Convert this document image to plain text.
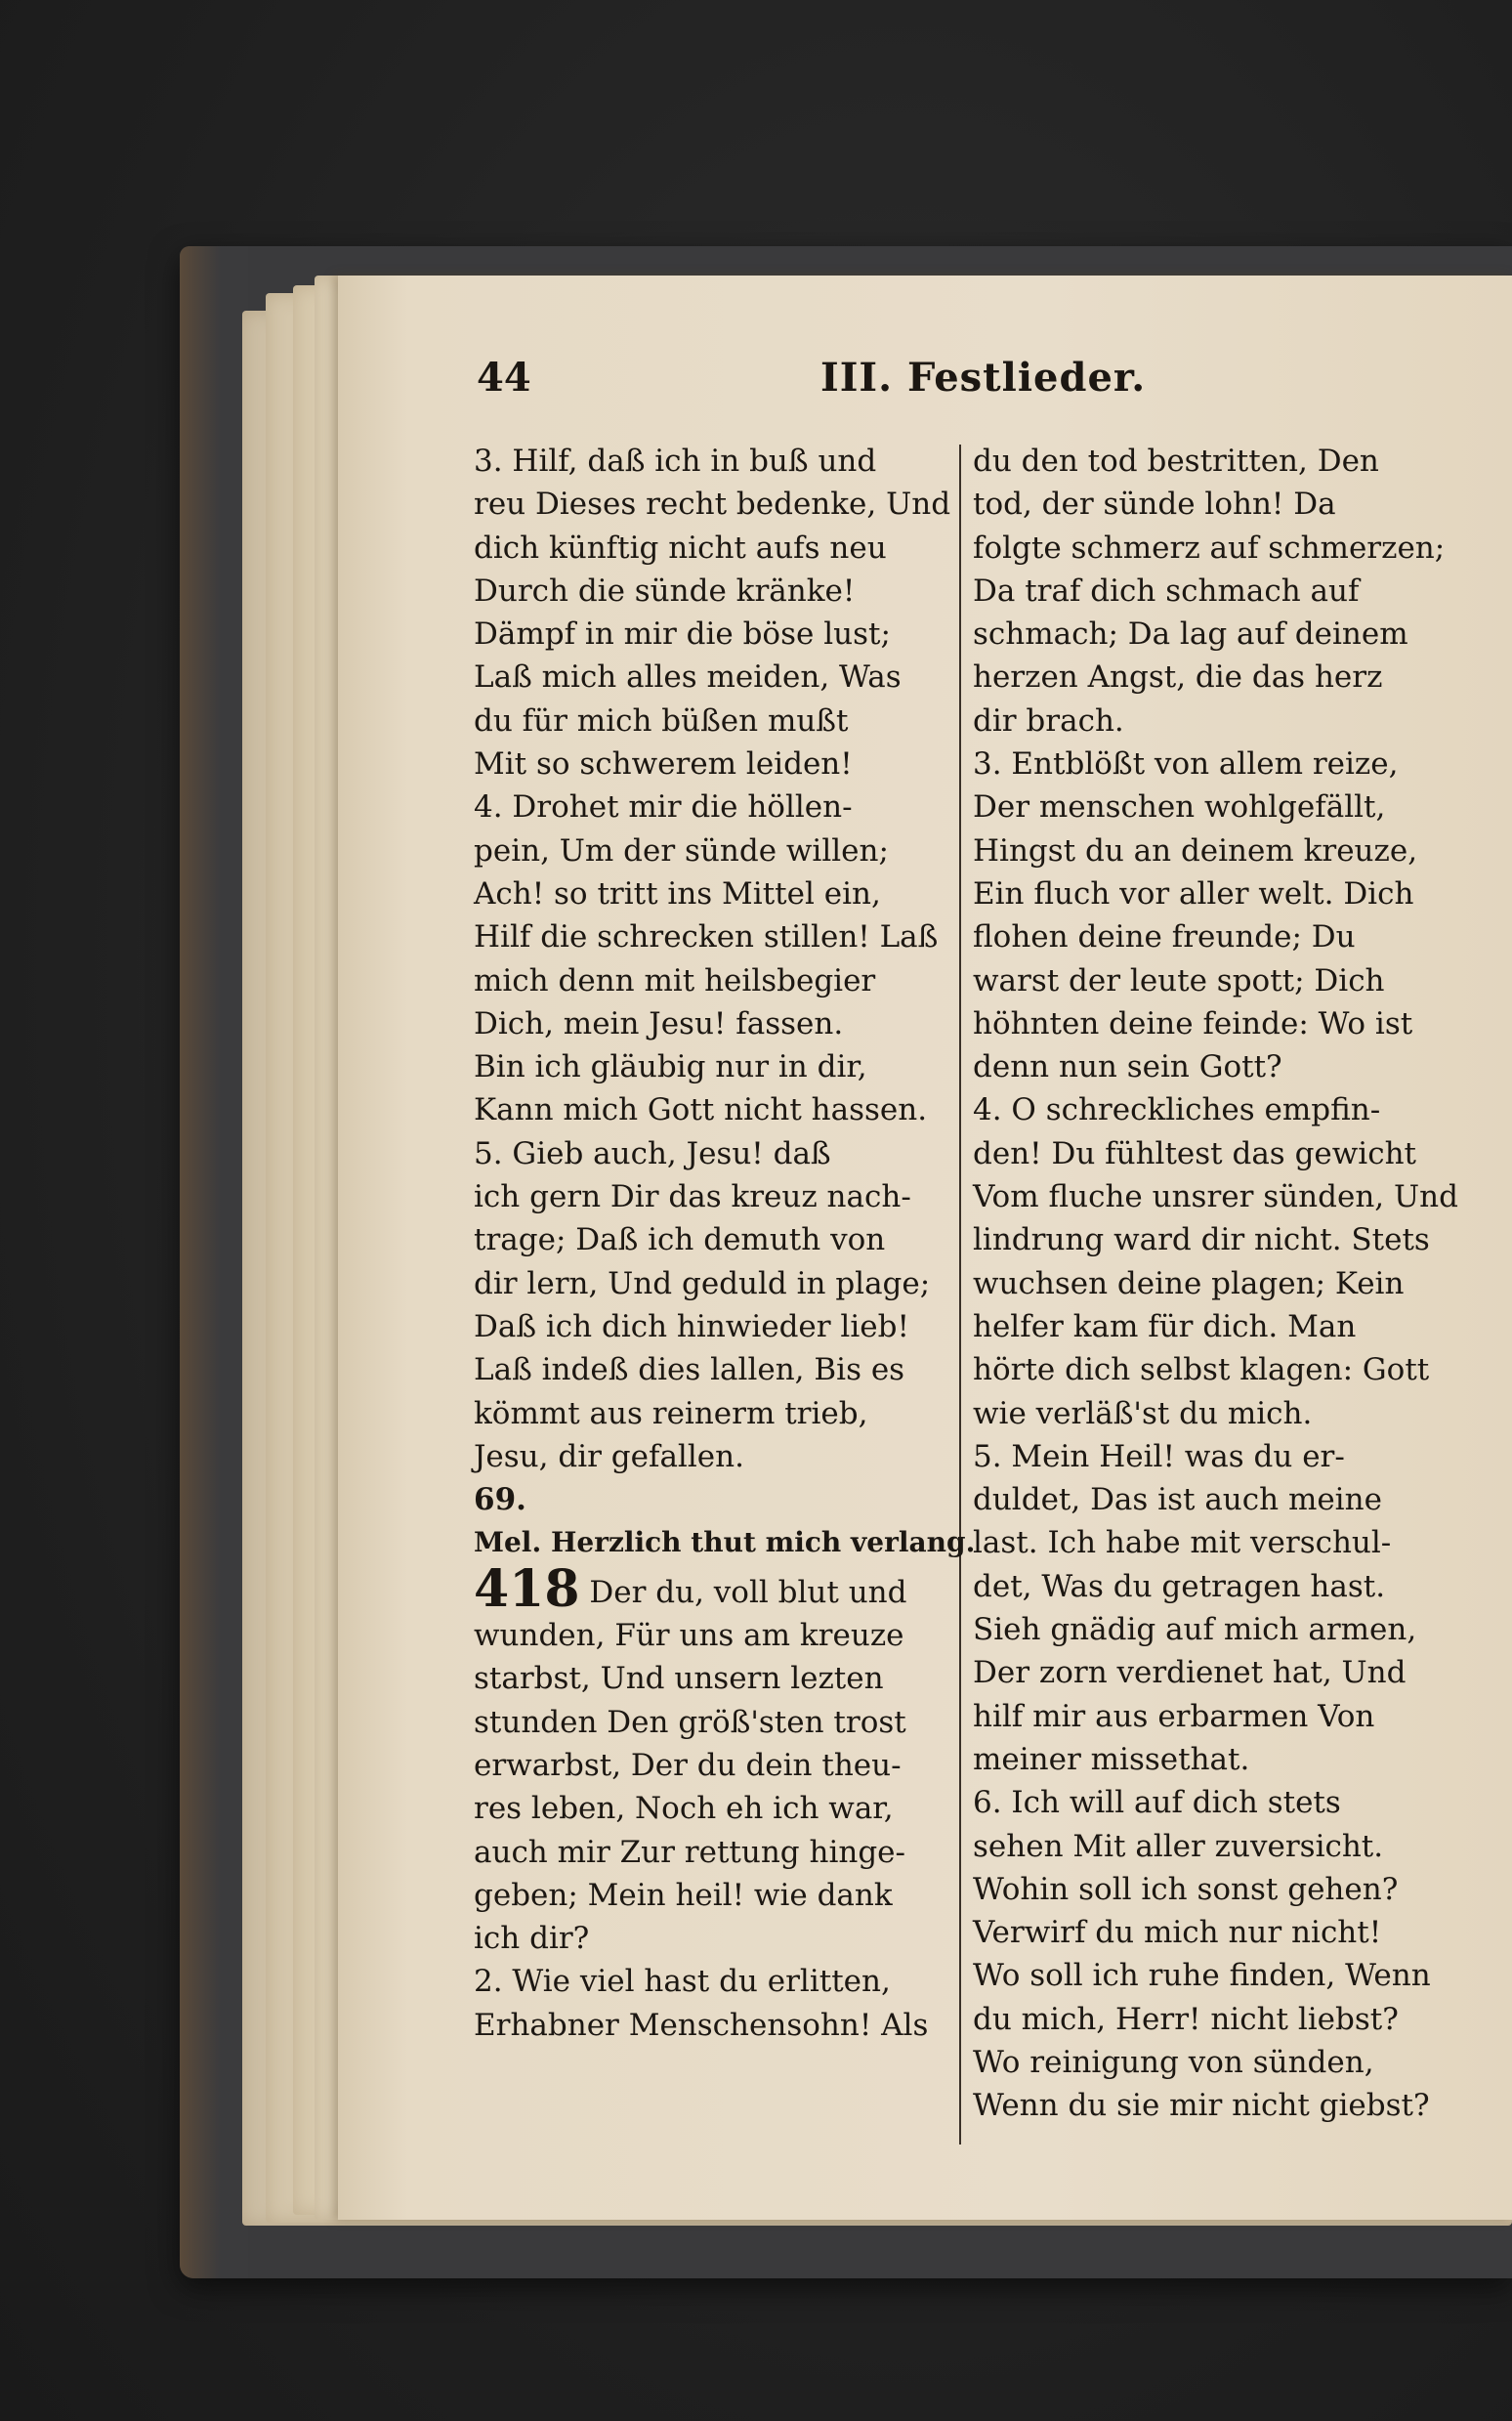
44	III. Festlieder.

3. Hilf, daß ich in buß und
reu Dieses recht bedenke, Und
dich künftig nicht aufs neu
Durch die sünde kränke!
Dämpf in mir die böse lust;
Laß mich alles meiden, Was
du für mich büßen mußt
Mit so schwerem leiden!

4. Drohet mir die höllen-
pein, Um der sünde willen;
Ach! so tritt ins Mittel ein,
Hilf die schrecken stillen! Laß
mich denn mit heilsbegier
Dich, mein Jesu! fassen.
Bin ich gläubig nur in dir,
Kann mich Gott nicht hassen.

5. Gieb auch, Jesu! daß
ich gern Dir das kreuz nach-
trage; Daß ich demuth von
dir lern, Und geduld in plage;
Daß ich dich hinwieder lieb!
Laß indeß dies lallen, Bis es
kömmt aus reinerm trieb,
Jesu, dir gefallen.

69.

Mel. Herzlich thut mich verlang.

418 Der du, voll blut und
wunden, Für uns am kreuze
starbst, Und unsern lezten
stunden Den größ'sten trost
erwarbst, Der du dein theu-
res leben, Noch eh ich war,
auch mir Zur rettung hinge-
geben; Mein heil! wie dank
ich dir?

2. Wie viel hast du erlitten,
Erhabner Menschensohn! Als

du den tod bestritten, Den
tod, der sünde lohn! Da
folgte schmerz auf schmerzen;
Da traf dich schmach auf
schmach; Da lag auf deinem
herzen Angst, die das herz
dir brach.

3. Entblößt von allem reize,
Der menschen wohlgefällt,
Hingst du an deinem kreuze,
Ein fluch vor aller welt. Dich
flohen deine freunde; Du
warst der leute spott; Dich
höhnten deine feinde: Wo ist
denn nun sein Gott?

4. O schreckliches empfin-
den! Du fühltest das gewicht
Vom fluche unsrer sünden, Und
lindrung ward dir nicht. Stets
wuchsen deine plagen; Kein
helfer kam für dich. Man
hörte dich selbst klagen: Gott
wie verläß'st du mich.

5. Mein Heil! was du er-
duldet, Das ist auch meine
last. Ich habe mit verschul-
det, Was du getragen hast.
Sieh gnädig auf mich armen,
Der zorn verdienet hat, Und
hilf mir aus erbarmen Von
meiner missethat.

6. Ich will auf dich stets
sehen Mit aller zuversicht.
Wohin soll ich sonst gehen?
Verwirf du mich nur nicht!
Wo soll ich ruhe finden, Wenn
du mich, Herr! nicht liebst?
Wo reinigung von sünden,
Wenn du sie mir nicht giebst?
